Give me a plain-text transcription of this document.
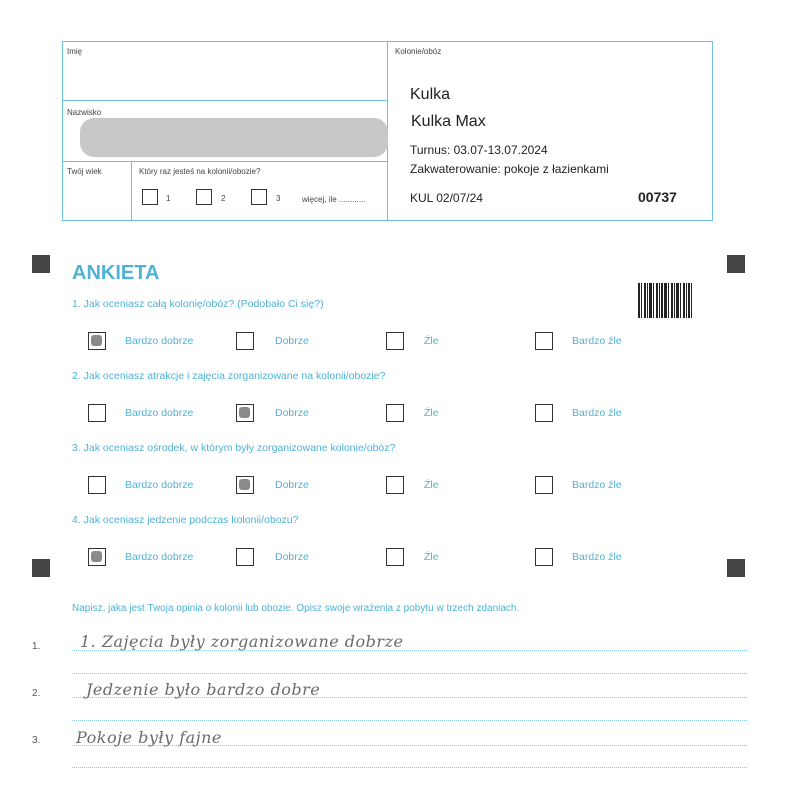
Imię
Nazwisko
Twój wiek	Który raz jesteś na kolonii/obozie?
1	2	3	więcej, ile ............
Kolonie/obóz
Kulka
Kulka Max
Turnus: 03.07-13.07.2024
Zakwaterowanie: pokoje z łazienkami
KUL 02/07/24	00737
ANKIETA
1. Jak oceniasz całą kolonię/obóz? (Podobało Ci się?)
Bardzo dobrze	Dobrze	Źle	Bardzo źle
2. Jak oceniasz atrakcje i zajęcia zorganizowane na kolonii/obozie?
Bardzo dobrze	Dobrze	Źle	Bardzo źle
3. Jak oceniasz ośrodek, w którym były zorganizowane kolonie/obóz?
Bardzo dobrze	Dobrze	Źle	Bardzo źle
4. Jak oceniasz jedzenie podczas kolonii/obozu?
Bardzo dobrze	Dobrze	Źle	Bardzo źle
Napisz, jaka jest Twoja opinia o kolonii lub obozie. Opisz swoje wrażenia z pobytu w trzech zdaniach.
1.
2.
3.
1. Zajęcia były zorganizowane dobrze
Jedzenie było bardzo dobre
Pokoje były fajne
